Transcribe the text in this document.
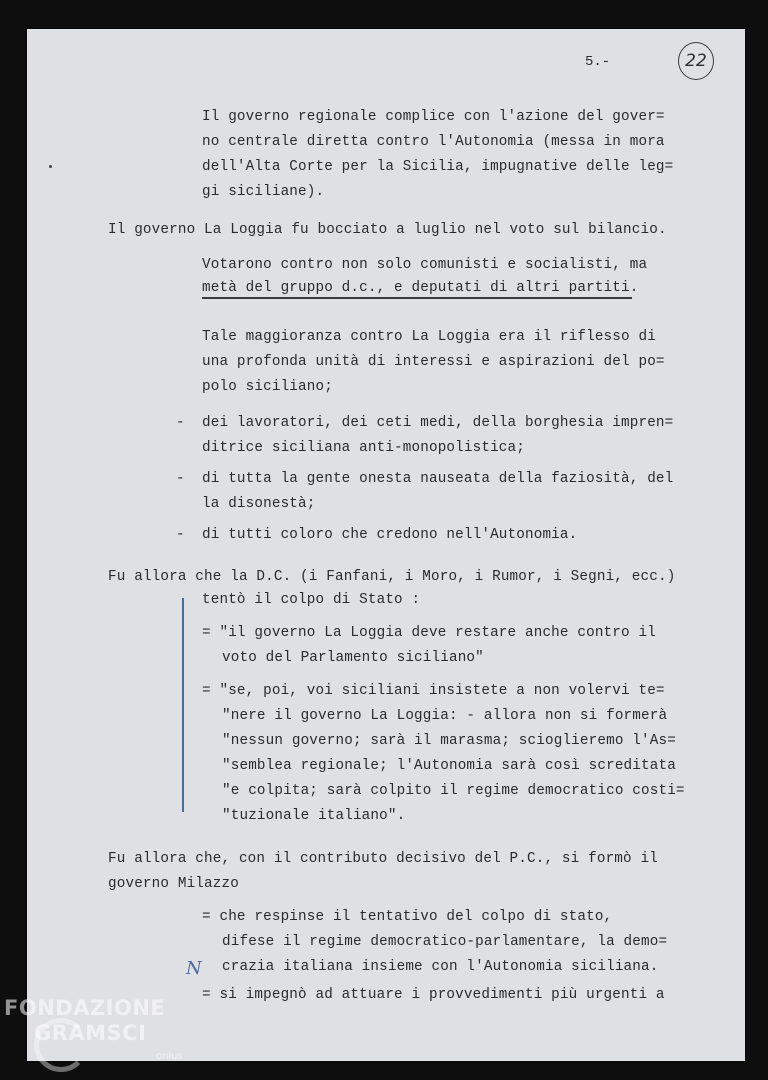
5.-	22
Il governo regionale complice con l'azione del gover=
no centrale diretta contro l'Autonomia (messa in mora
dell'Alta Corte per la Sicilia, impugnative delle leg=
gi siciliane).
Il governo La Loggia fu bocciato a luglio nel voto sul bilancio.
Votarono contro non solo comunisti e socialisti, ma
metà del gruppo d.c., e deputati di altri partiti.
Tale maggioranza contro La Loggia era il riflesso di
una profonda unità di interessi e aspirazioni del po=
polo siciliano;
- dei lavoratori, dei ceti medi, della borghesia impren=
ditrice siciliana anti-monopolistica;
- di tutta la gente onesta nauseata della faziosità, del
la disonestà;
- di tutti coloro che credono nell'Autonomia.
Fu allora che la D.C. (i Fanfani, i Moro, i Rumor, i Segni, ecc.)
tentò il colpo di Stato :
= "il governo La Loggia deve restare anche contro il
voto del Parlamento siciliano"
= "se, poi, voi siciliani insistete a non volervi te=
"nere il governo La Loggia: - allora non si formerà
"nessun governo; sarà il marasma; scioglieremo l'As=
"semblea regionale; l'Autonomia sarà così screditata
"e colpita; sarà colpito il regime democratico costi=
"tuzionale italiano".
Fu allora che, con il contributo decisivo del P.C., si formò il
governo Milazzo
= che respinse il tentativo del colpo di stato,
difese il regime democratico-parlamentare, la demo=
crazia italiana insieme con l'Autonomia siciliana.
= si impegnò ad attuare i provvedimenti più urgenti a
N
FONDAZIONE
GRAMSCI
onlus
